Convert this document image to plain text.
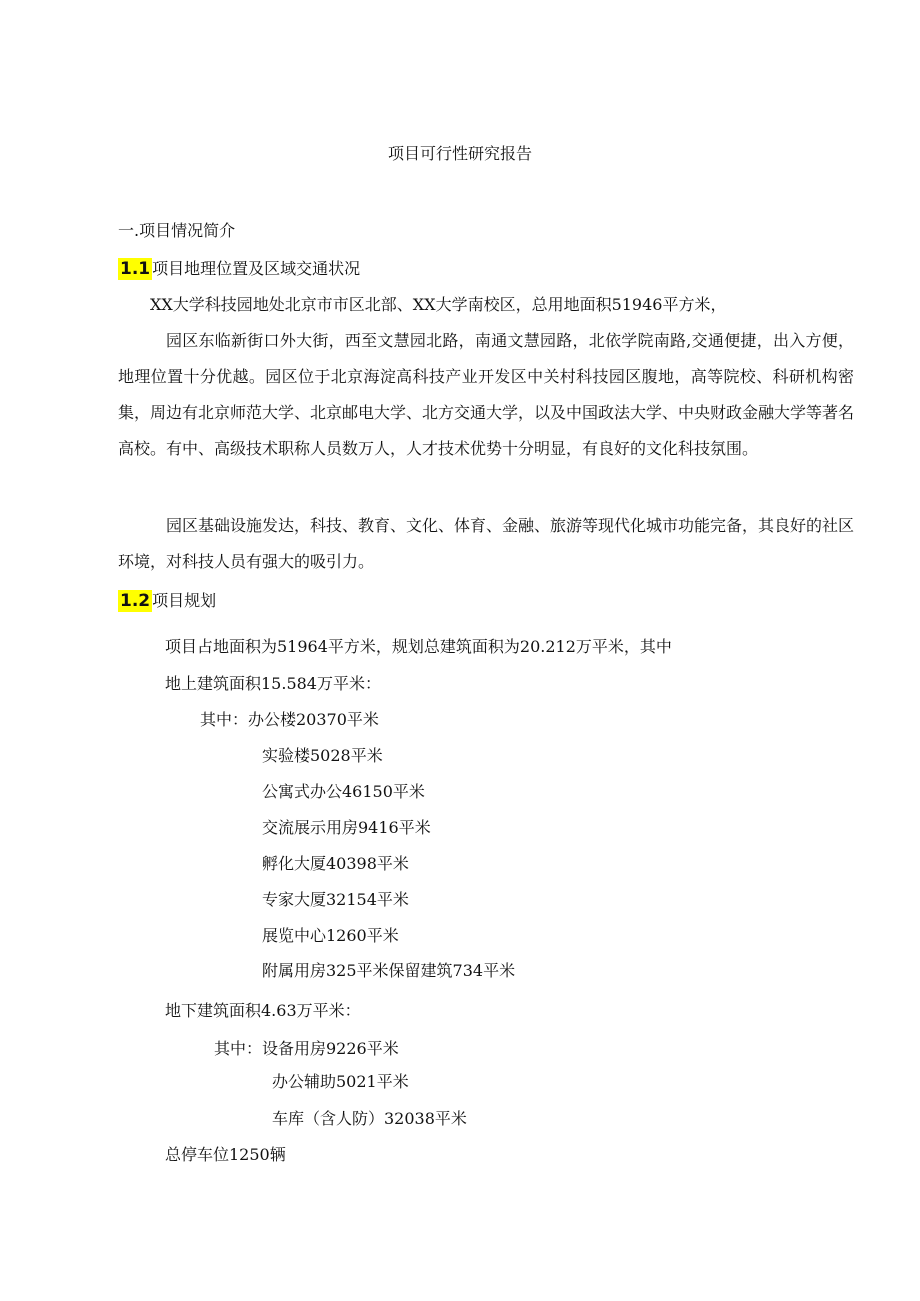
项目可行性研究报告
一.项目情况简介
1.1 项目地理位置及区域交通状况
XX大学科技园地处北京市市区北部、XX大学南校区，总用地面积51946平方米，

园区东临新街口外大街，西至文慧园北路，南通文慧园路，北依学院南路,交通便捷，出入方便，地理位置十分优越。园区位于北京海淀高科技产业开发区中关村科技园区腹地，高等院校、科研机构密集，周边有北京师范大学、北京邮电大学、北方交通大学，以及中国政法大学、中央财政金融大学等著名高校。有中、高级技术职称人员数万人，人才技术优势十分明显，有良好的文化科技氛围。

园区基础设施发达，科技、教育、文化、体育、金融、旅游等现代化城市功能完备，其良好的社区环境，对科技人员有强大的吸引力。

1.2 项目规划
项目占地面积为51964平方米，规划总建筑面积为20.212万平米，其中
地上建筑面积15.584万平米：
其中：办公楼20370平米
实验楼5028平米
公寓式办公46150平米
交流展示用房9416平米
孵化大厦40398平米
专家大厦32154平米
展览中心1260平米
附属用房325平米保留建筑734平米
地下建筑面积4.63万平米：
其中：设备用房9226平米
办公辅助5021平米
车库（含人防）32038平米
总停车位1250辆
